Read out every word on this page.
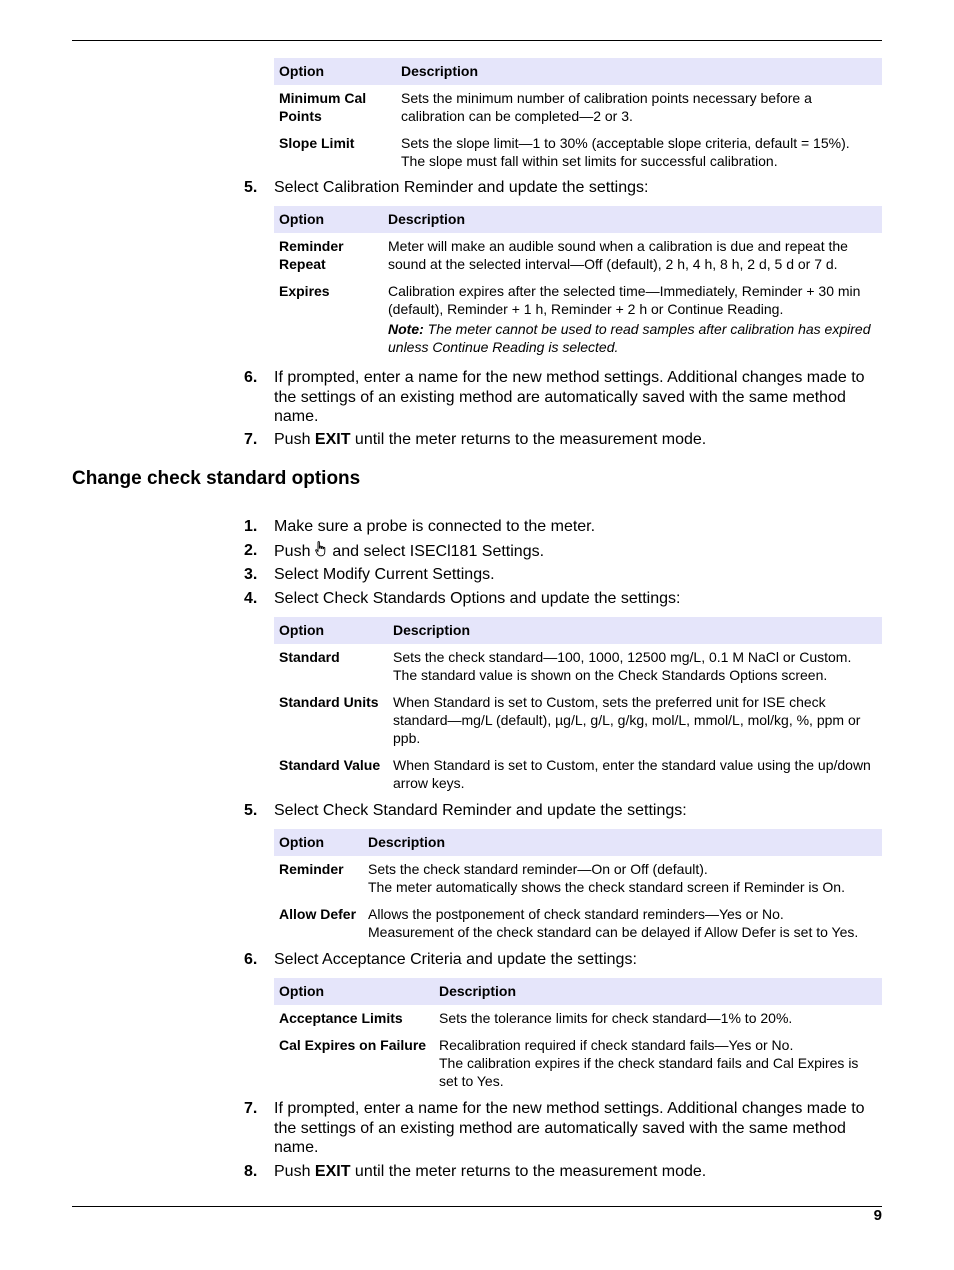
Option	Description
Minimum Cal Points	Sets the minimum number of calibration points necessary before a calibration can be completed—2 or 3.
Slope Limit	Sets the slope limit—1 to 30% (acceptable slope criteria, default = 15%). The slope must fall within set limits for successful calibration.
5.	Select Calibration Reminder and update the settings:
Option	Description
Reminder Repeat	Meter will make an audible sound when a calibration is due and repeat the sound at the selected interval—Off (default), 2 h, 4 h, 8 h, 2 d, 5 d or 7 d.
Expires	Calibration expires after the selected time—Immediately, Reminder + 30 min (default), Reminder + 1 h, Reminder + 2 h or Continue Reading.
Note: The meter cannot be used to read samples after calibration has expired unless Continue Reading is selected.
6.	If prompted, enter a name for the new method settings. Additional changes made to the settings of an existing method are automatically saved with the same method name.
7.	Push EXIT until the meter returns to the measurement mode.
Change check standard options
1.	Make sure a probe is connected to the meter.
2.	Push  and select ISECl181 Settings.
3.	Select Modify Current Settings.
4.	Select Check Standards Options and update the settings:
Option	Description
Standard	Sets the check standard—100, 1000, 12500 mg/L, 0.1 M NaCl or Custom. The standard value is shown on the Check Standards Options screen.
Standard Units	When Standard is set to Custom, sets the preferred unit for ISE check standard—mg/L (default), µg/L, g/L, g/kg, mol/L, mmol/L, mol/kg, %, ppm or ppb.
Standard Value	When Standard is set to Custom, enter the standard value using the up/down arrow keys.
5.	Select Check Standard Reminder and update the settings:
Option	Description
Reminder	Sets the check standard reminder—On or Off (default).
The meter automatically shows the check standard screen if Reminder is On.

Allow Defer	Allows the postponement of check standard reminders—Yes or No.
Measurement of the check standard can be delayed if Allow Defer is set to Yes.
6.	Select Acceptance Criteria and update the settings:
Option	Description
Acceptance Limits	Sets the tolerance limits for check standard—1% to 20%.
Cal Expires on Failure	Recalibration required if check standard fails—Yes or No.
The calibration expires if the check standard fails and Cal Expires is set to Yes.
7.	If prompted, enter a name for the new method settings. Additional changes made to the settings of an existing method are automatically saved with the same method name.
8.	Push EXIT until the meter returns to the measurement mode.
9
